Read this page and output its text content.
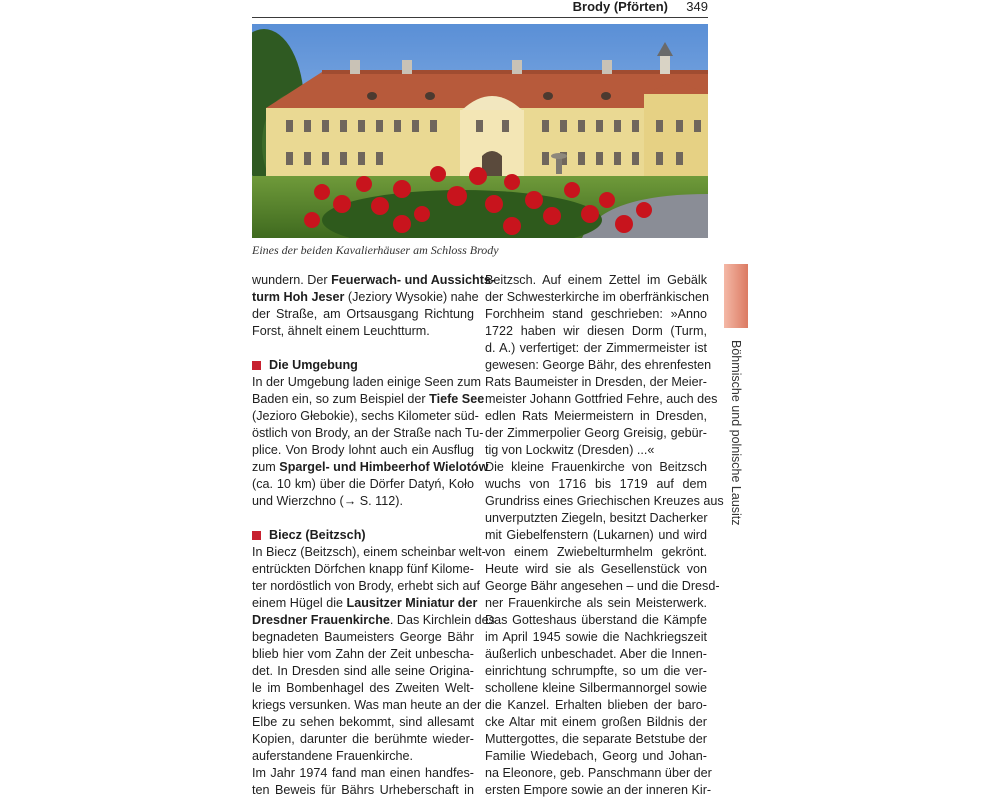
Brody (Pförten) 349
Eines der beiden Kavalierhäuser am Schloss Brody
wundern. Der Feuerwach- und Aussichts-
turm Hoh Jeser (Jeziory Wysokie) nahe
der Straße, am Ortsausgang Richtung
Forst, ähnelt einem Leuchtturm.
Die Umgebung
In der Umgebung laden einige Seen zum
Baden ein, so zum Beispiel der Tiefe See
(Jezioro Głebokie), sechs Kilometer süd-
östlich von Brody, an der Straße nach Tu-
plice. Von Brody lohnt auch ein Ausflug
zum Spargel- und Himbeerhof Wielotów
(ca. 10 km) über die Dörfer Datyń, Koło
und Wierzchno (→ S. 112).
Biecz (Beitzsch)
In Biecz (Beitzsch), einem scheinbar welt-
entrückten Dörfchen knapp fünf Kilome-
ter nordöstlich von Brody, erhebt sich auf
einem Hügel die Lausitzer Miniatur der
Dresdner Frauenkirche. Das Kirchlein des
begnadeten Baumeisters George Bähr
blieb hier vom Zahn der Zeit unbescha-
det. In Dresden sind alle seine Origina-
le im Bombenhagel des Zweiten Welt-
kriegs versunken. Was man heute an der
Elbe zu sehen bekommt, sind allesamt
Kopien, darunter die berühmte wieder-
auferstandene Frauenkirche.
Im Jahr 1974 fand man einen handfes-
ten Beweis für Bährs Urheberschaft in
Beitzsch. Auf einem Zettel im Gebälk
der Schwesterkirche im oberfränkischen
Forchheim stand geschrieben: »Anno
1722 haben wir diesen Dorm (Turm,
d. A.) verfertiget: der Zimmermeister ist
gewesen: George Bähr, des ehrenfesten
Rats Baumeister in Dresden, der Meier-
meister Johann Gottfried Fehre, auch des
edlen Rats Meiermeistern in Dresden,
der Zimmerpolier Georg Greisig, gebür-
tig von Lockwitz (Dresden) ...«
Die kleine Frauenkirche von Beitzsch
wuchs von 1716 bis 1719 auf dem
Grundriss eines Griechischen Kreuzes aus
unverputzten Ziegeln, besitzt Dacherker
mit Giebelfenstern (Lukarnen) und wird
von einem Zwiebelturmhelm gekrönt.
Heute wird sie als Gesellenstück von
George Bähr angesehen – und die Dresd-
ner Frauenkirche als sein Meisterwerk.
Das Gotteshaus überstand die Kämpfe
im April 1945 sowie die Nachkriegszeit
äußerlich unbeschadet. Aber die Innen-
einrichtung schrumpfte, so um die ver-
schollene kleine Silbermannorgel sowie
die Kanzel. Erhalten blieben der baro-
cke Altar mit einem großen Bildnis der
Muttergottes, die separate Betstube der
Familie Wiedebach, Georg und Johan-
na Eleonore, geb. Panschmann über der
ersten Empore sowie an der inneren Kir-
Böhmische und polnische Lausitz
